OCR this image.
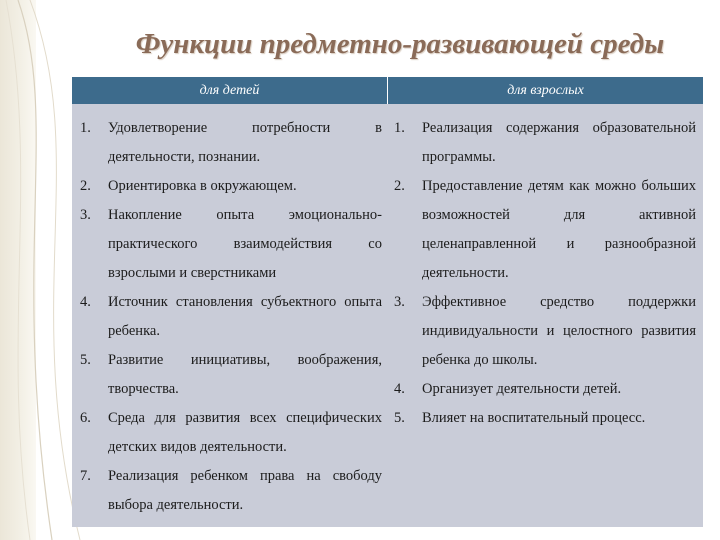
Функции предметно-развивающей среды
для детей	для взрослых
1. Удовлетворение потребности в деятельности, познании.
2. Ориентировка в окружающем.
3. Накопление опыта эмоционально-практического взаимодействия со взрослыми и сверстниками
4. Источник становления субъектного опыта ребенка.
5. Развитие инициативы, воображения, творчества.
6. Среда для развития всех специфических детских видов деятельности.
7. Реализация ребенком права на свободу выбора деятельности.
1. Реализация содержания образовательной программы.
2. Предоставление детям как можно больших возможностей для активной целенаправленной и разнообразной деятельности.
3. Эффективное средство поддержки индивидуальности и целостного развития ребенка до школы.
4. Организует деятельности детей.
5. Влияет на воспитательный процесс.
